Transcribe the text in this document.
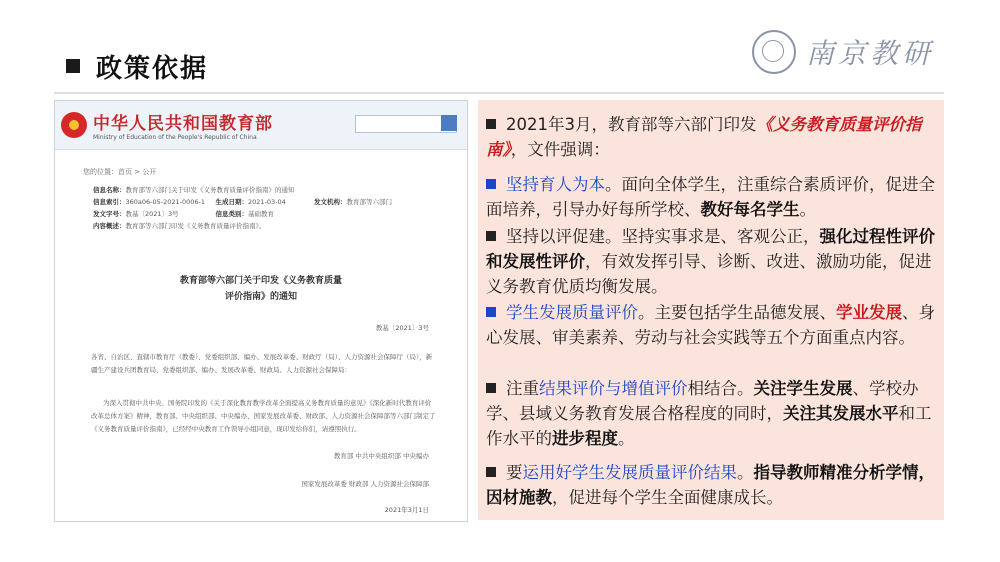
政策依据	南京教研
中华人民共和国教育部
Ministry of Education of the People's Republic of China
您的位置：首页 > 公开
信息名称： 教育部等六部门关于印发《义务教育质量评价指南》的通知
信息索引： 360a06-05-2021-0006-1	生成日期： 2021-03-04	发文机构： 教育部等六部门
发文字号： 教基〔2021〕3号	信息类别： 基础教育
内容概述： 教育部等六部门印发《义务教育质量评价指南》。
教育部等六部门关于印发《义务教育质量
评价指南》的通知
教基〔2021〕3号
各省、自治区、直辖市教育厅（教委）、党委组织部、编办、发展改革委、财政厅（局）、人力资源社会保障厅（局），新疆生产建设兵团教育局、党委组织部、编办、发展改革委、财政局、人力资源社会保障局：
为深入贯彻中共中央、国务院印发的《关于深化教育教学改革全面提高义务教育质量的意见》《深化新时代教育评价改革总体方案》精神，教育部、中央组织部、中央编办、国家发展改革委、财政部、人力资源社会保障部等六部门制定了《义务教育质量评价指南》，已经经中央教育工作领导小组同意，现印发给你们，请遵照执行。
教育部 中共中央组织部 中央编办
国家发展改革委 财政部 人力资源社会保障部
2021年3月1日
2021年3月，教育部等六部门印发《义务教育质量评价指南》，文件强调：
坚持育人为本。面向全体学生，注重综合素质评价，促进全面培养，引导办好每所学校、教好每名学生。
坚持以评促建。坚持实事求是、客观公正，强化过程性评价和发展性评价，有效发挥引导、诊断、改进、激励功能，促进义务教育优质均衡发展。
学生发展质量评价。主要包括学生品德发展、学业发展、身心发展、审美素养、劳动与社会实践等五个方面重点内容。
注重结果评价与增值评价相结合。关注学生发展、学校办学、县域义务教育发展合格程度的同时，关注其发展水平和工作水平的进步程度。
要运用好学生发展质量评价结果。指导教师精准分析学情，因材施教，促进每个学生全面健康成长。
